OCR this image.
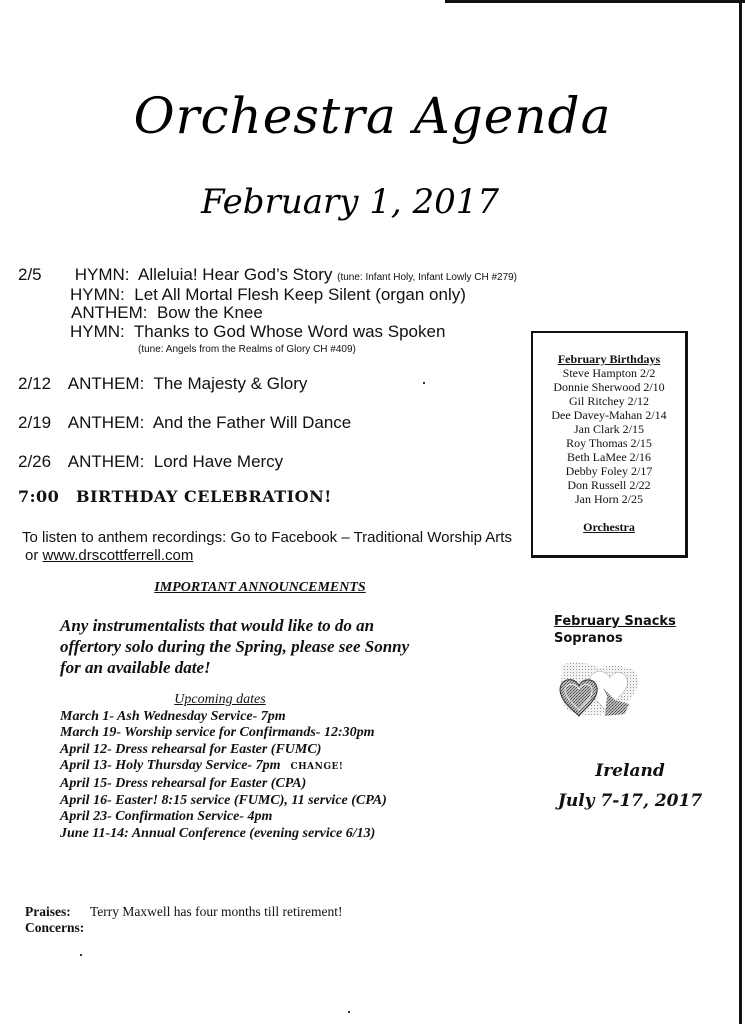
Orchestra Agenda
February 1, 2017
2/5 HYMN: Alleluia! Hear God’s Story (tune: Infant Holy, Infant Lowly CH #279)
HYMN: Let All Mortal Flesh Keep Silent (organ only)
ANTHEM: Bow the Knee
HYMN: Thanks to God Whose Word was Spoken
(tune: Angels from the Realms of Glory CH #409)
2/12 ANTHEM: The Majesty & Glory
2/19 ANTHEM: And the Father Will Dance
2/26 ANTHEM: Lord Have Mercy
7:00 BIRTHDAY CELEBRATION!
To listen to anthem recordings: Go to Facebook – Traditional Worship Arts
or www.drscottferrell.com
February Birthdays
Steve Hampton 2/2
Donnie Sherwood 2/10
Gil Ritchey 2/12
Dee Davey-Mahan 2/14
Jan Clark 2/15
Roy Thomas 2/15
Beth LaMee 2/16
Debby Foley 2/17
Don Russell 2/22
Jan Horn 2/25
Orchestra
IMPORTANT ANNOUNCEMENTS
Any instrumentalists that would like to do an offertory solo during the Spring, please see Sonny for an available date!
Upcoming dates
March 1- Ash Wednesday Service- 7pm
March 19- Worship service for Confirmands- 12:30pm
April 12- Dress rehearsal for Easter (FUMC)
April 13- Holy Thursday Service- 7pm CHANGE!
April 15- Dress rehearsal for Easter (CPA)
April 16- Easter! 8:15 service (FUMC), 11 service (CPA)
April 23- Confirmation Service- 4pm
June 11-14: Annual Conference (evening service 6/13)
February Snacks
Sopranos
Ireland
July 7-17, 2017
Praises: Terry Maxwell has four months till retirement!
Concerns:
